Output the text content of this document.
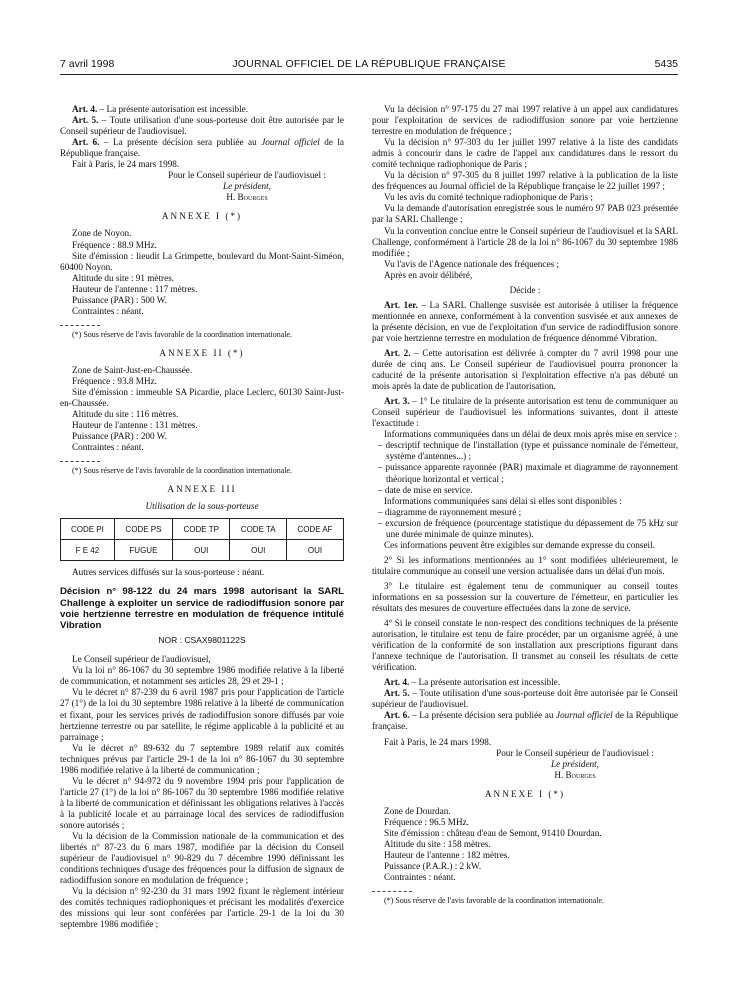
7 avril 1998	JOURNAL OFFICIEL DE LA RÉPUBLIQUE FRANÇAISE	5435

Art. 4. – La présente autorisation est incessible.

Art. 5. – Toute utilisation d'une sous-porteuse doit être autorisée par le Conseil supérieur de l'audiovisuel.

Art. 6. – La présente décision sera publiée au Journal officiel de la République française.

Fait à Paris, le 24 mars 1998.

Pour le Conseil supérieur de l'audiovisuel :

Le président,

H. Bourges

ANNEXE I (*)

Zone de Noyon.

Fréquence : 88.9 MHz.

Site d'émission : lieudit La Grimpette, boulevard du Mont-Saint-Siméon, 60400 Noyon.

Altitude du site : 91 mètres.

Hauteur de l'antenne : 117 mètres.

Puissance (PAR) : 500 W.

Contraintes : néant.

(*) Sous réserve de l'avis favorable de la coordination internationale.

ANNEXE II (*)

Zone de Saint-Just-en-Chaussée.

Fréquence : 93.8 MHz.

Site d'émission : immeuble SA Picardie, place Leclerc, 60130 Saint-Just-en-Chaussée.

Altitude du site : 116 mètres.

Hauteur de l'antenne : 131 mètres.

Puissance (PAR) : 200 W.

Contraintes : néant.

(*) Sous réserve de l'avis favorable de la coordination internationale.

ANNEXE III

Utilisation de la sous-porteuse

CODE PI	CODE PS	CODE TP	CODE TA	CODE AF
F E 42	FUGUE	OUI	OUI	OUI

Autres services diffusés sur la sous-porteuse : néant.

Décision n° 98-122 du 24 mars 1998 autorisant la SARL Challenge à exploiter un service de radiodiffusion sonore par voie hertzienne terrestre en modulation de fréquence intitulé Vibration

NOR : CSAX9801122S

Le Conseil supérieur de l'audiovisuel,

Vu la loi n° 86-1067 du 30 septembre 1986 modifiée relative à la liberté de communication, et notamment ses articles 28, 29 et 29-1 ;

Vu le décret n° 87-239 du 6 avril 1987 pris pour l'application de l'article 27 (1°) de la loi du 30 septembre 1986 relative à la liberté de communication et fixant, pour les services privés de radiodiffusion sonore diffusés par voie hertzienne terrestre ou par satellite, le régime applicable à la publicité et au parrainage ;

Vu le décret n° 89-632 du 7 septembre 1989 relatif aux comités techniques prévus par l'article 29-1 de la loi n° 86-1067 du 30 septembre 1986 modifiée relative à la liberté de communication ;

Vu le décret n° 94-972 du 9 novembre 1994 pris pour l'application de l'article 27 (1°) de la loi n° 86-1067 du 30 septembre 1986 modifiée relative à la liberté de communication et définissant les obligations relatives à l'accès à la publicité locale et au parrainage local des services de radiodiffusion sonore autorisés ;

Vu la décision de la Commission nationale de la communication et des libertés n° 87-23 du 6 mars 1987, modifiée par la décision du Conseil supérieur de l'audiovisuel n° 90-829 du 7 décembre 1990 définissant les conditions techniques d'usage des fréquences pour la diffusion de signaux de radiodiffusion sonore en modulation de fréquence ;

Vu la décision n° 92-230 du 31 mars 1992 fixant le règlement intérieur des comités techniques radiophoniques et précisant les modalités d'exercice des missions qui leur sont conférées par l'article 29-1 de la loi du 30 septembre 1986 modifiée ;

Vu la décision n° 97-175 du 27 mai 1997 relative à un appel aux candidatures pour l'exploitation de services de radiodiffusion sonore par voie hertzienne terrestre en modulation de fréquence ;

Vu la décision n° 97-303 du 1er juillet 1997 relative à la liste des candidats admis à concourir dans le cadre de l'appel aux candidatures dans le ressort du comité technique radiophonique de Paris ;

Vu la décision n° 97-305 du 8 juillet 1997 relative à la publication de la liste des fréquences au Journal officiel de la République française le 22 juillet 1997 ;

Vu les avis du comité technique radiophonique de Paris ;

Vu la demande d'autorisation enregistrée sous le numéro 97 PAB 023 présentée par la SARL Challenge ;

Vu la convention conclue entre le Conseil supérieur de l'audiovisuel et la SARL Challenge, conformément à l'article 28 de la loi n° 86-1067 du 30 septembre 1986 modifiée ;

Vu l'avis de l'Agence nationale des fréquences ;

Après en avoir délibéré,

Décide :

Art. 1er. – La SARL Challenge susvisée est autorisée à utiliser la fréquence mentionnée en annexe, conformément à la convention susvisée et aux annexes de la présente décision, en vue de l'exploitation d'un service de radiodiffusion sonore par voie hertzienne terrestre en modulation de fréquence dénommé Vibration.

Art. 2. – Cette autorisation est délivrée à compter du 7 avril 1998 pour une durée de cinq ans. Le Conseil supérieur de l'audiovisuel pourra prononcer la caducité de la présente autorisation si l'exploitation effective n'a pas débuté un mois après la date de publication de l'autorisation.

Art. 3. – 1° Le titulaire de la présente autorisation est tenu de communiquer au Conseil supérieur de l'audiovisuel les informations suivantes, dont il atteste l'exactitude :

Informations communiquées dans un délai de deux mois après mise en service :

– descriptif technique de l'installation (type et puissance nominale de l'émetteur, système d'antennes...) ;

– puissance apparente rayonnée (PAR) maximale et diagramme de rayonnement théorique horizontal et vertical ;

– date de mise en service.

Informations communiquées sans délai si elles sont disponibles :

– diagramme de rayonnement mesuré ;

– excursion de fréquence (pourcentage statistique du dépassement de 75 kHz sur une durée minimale de quinze minutes).

Ces informations peuvent être exigibles sur demande expresse du conseil.

2° Si les informations mentionnées au 1° sont modifiées ultérieurement, le titulaire communique au conseil une version actualisée dans un délai d'un mois.

3° Le titulaire est également tenu de communiquer au conseil toutes informations en sa possession sur la couverture de l'émetteur, en particulier les résultats des mesures de couverture effectuées dans la zone de service.

4° Si le conseil constate le non-respect des conditions techniques de la présente autorisation, le titulaire est tenu de faire procéder, par un organisme agréé, à une vérification de la conformité de son installation aux prescriptions figurant dans l'annexe technique de l'autorisation. Il transmet au conseil les résultats de cette vérification.

Art. 4. – La présente autorisation est incessible.

Art. 5. – Toute utilisation d'une sous-porteuse doit être autorisée par le Conseil supérieur de l'audiovisuel.

Art. 6. – La présente décision sera publiée au Journal officiel de la République française.

Fait à Paris, le 24 mars 1998.

Pour le Conseil supérieur de l'audiovisuel :

Le président,

H. Bourges

ANNEXE I (*)

Zone de Dourdan.

Fréquence : 96.5 MHz.

Site d'émission : château d'eau de Semont, 91410 Dourdan.

Altitude du site : 158 mètres.

Hauteur de l'antenne : 182 mètres.

Puissance (P.A.R.) : 2 kW.

Contraintes : néant.

(*) Sous réserve de l'avis favorable de la coordination internationale.
